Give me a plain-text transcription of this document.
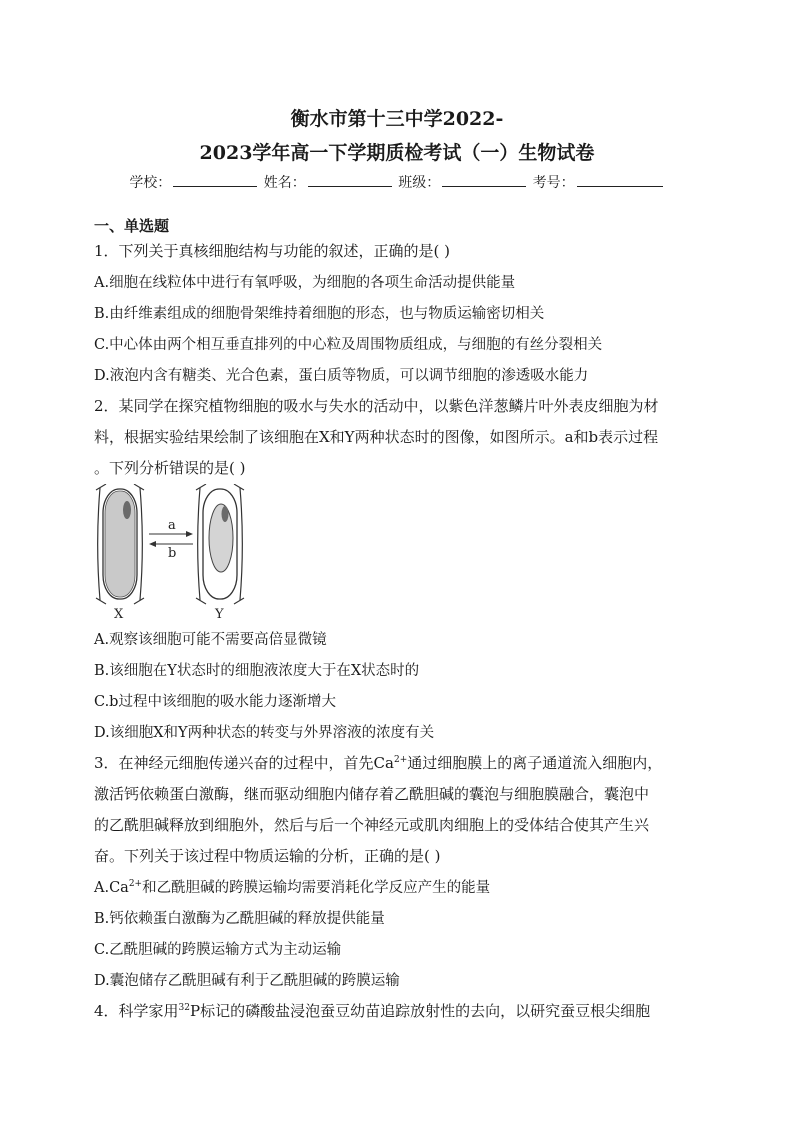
衡水市第十三中学2022-
2023学年高一下学期质检考试（一）生物试卷
学校：	姓名：	班级：	考号：
一、单选题
1．下列关于真核细胞结构与功能的叙述，正确的是( )
A.细胞在线粒体中进行有氧呼吸，为细胞的各项生命活动提供能量
B.由纤维素组成的细胞骨架维持着细胞的形态，也与物质运输密切相关
C.中心体由两个相互垂直排列的中心粒及周围物质组成，与细胞的有丝分裂相关
D.液泡内含有糖类、光合色素，蛋白质等物质，可以调节细胞的渗透吸水能力
2．某同学在探究植物细胞的吸水与失水的活动中，以紫色洋葱鳞片叶外表皮细胞为材
料，根据实验结果绘制了该细胞在X和Y两种状态时的图像，如图所示。a和b表示过程
。下列分析错误的是( )
a
b
X	Y
A.观察该细胞可能不需要高倍显微镜
B.该细胞在Y状态时的细胞液浓度大于在X状态时的
C.b过程中该细胞的吸水能力逐渐增大
D.该细胞X和Y两种状态的转变与外界溶液的浓度有关
3．在神经元细胞传递兴奋的过程中，首先$Ca^{2+}$通过细胞膜上的离子通道流入细胞内，
激活钙依赖蛋白激酶，继而驱动细胞内储存着乙酰胆碱的囊泡与细胞膜融合，囊泡中
的乙酰胆碱释放到细胞外，然后与后一个神经元或肌肉细胞上的受体结合使其产生兴
奋。下列关于该过程中物质运输的分析，正确的是( )
$A.Ca^{2+}$和乙酰胆碱的跨膜运输均需要消耗化学反应产生的能量
B.钙依赖蛋白激酶为乙酰胆碱的释放提供能量
C.乙酰胆碱的跨膜运输方式为主动运输
D.囊泡储存乙酰胆碱有利于乙酰胆碱的跨膜运输
4．科学家用$^{32}$P标记的磷酸盐浸泡蚕豆幼苗追踪放射性的去向，以研究蚕豆根尖细胞
